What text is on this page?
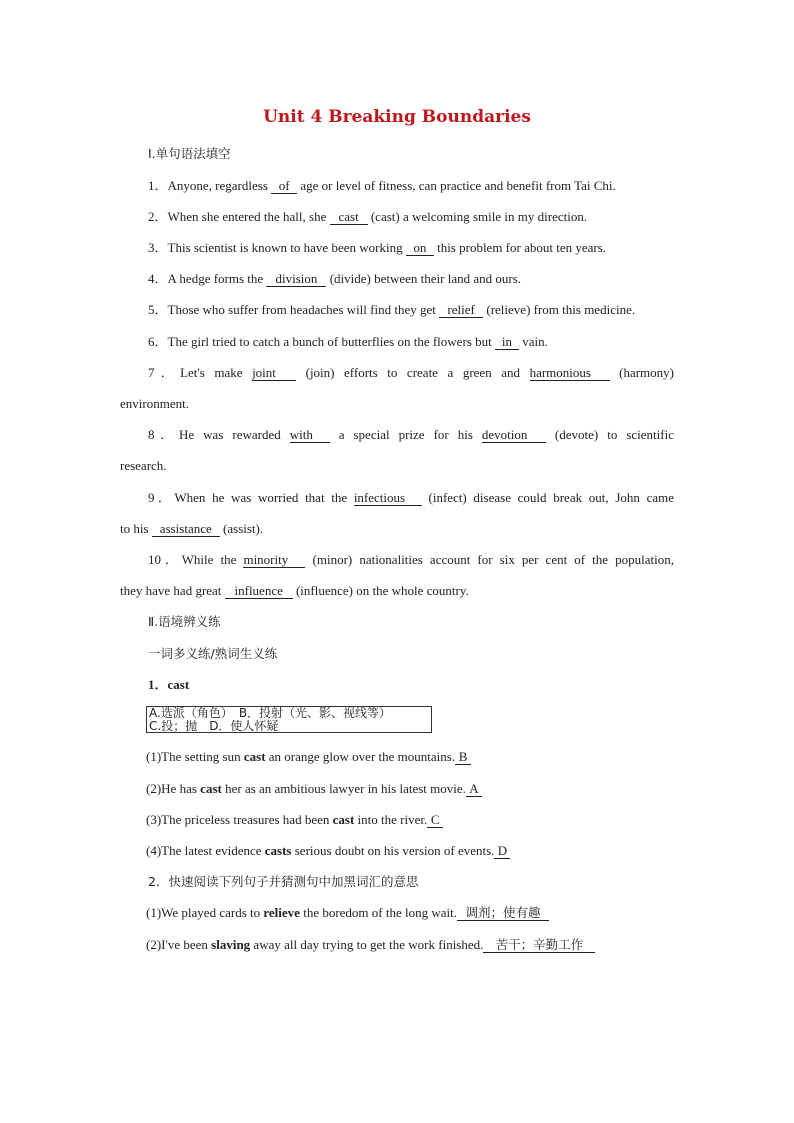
Unit 4 Breaking Boundaries
Ⅰ.单句语法填空
1．Anyone, regardless of age or level of fitness, can practice and benefit from Tai Chi.
2．When she entered the hall, she cast (cast) a welcoming smile in my direction.
3．This scientist is known to have been working on this problem for about ten years.
4．A hedge forms the division (divide) between their land and ours.
5．Those who suffer from headaches will find they get relief (relieve) from this medicine.
6．The girl tried to catch a bunch of butterflies on the flowers but in vain.
7．Let's make joint (join) efforts to create a green and harmonious (harmony)
environment.
8．He was rewarded with a special prize for his devotion (devote) to scientific
research.
9．When he was worried that the infectious (infect) disease could break out, John came
to his assistance (assist).
10．While the minority (minor) nationalities account for six per cent of the population,
they have had great influence (influence) on the whole country.
Ⅱ.语境辨义练
一词多义练/熟词生义练
1．cast
A.选派（角色）　B．投射（光、影、视线等）
C.投；抛　D．使人怀疑
(1)The setting sun cast an orange glow over the mountains. B
(2)He has cast her as an ambitious lawyer in his latest movie. A
(3)The priceless treasures had been cast into the river. C
(4)The latest evidence casts serious doubt on his version of events. D
2．快速阅读下列句子并猜测句中加黑词汇的意思
(1)We played cards to relieve the boredom of the long wait. 调剂；使有趣
(2)I've been slaving away all day trying to get the work finished. 苦干；辛勤工作
